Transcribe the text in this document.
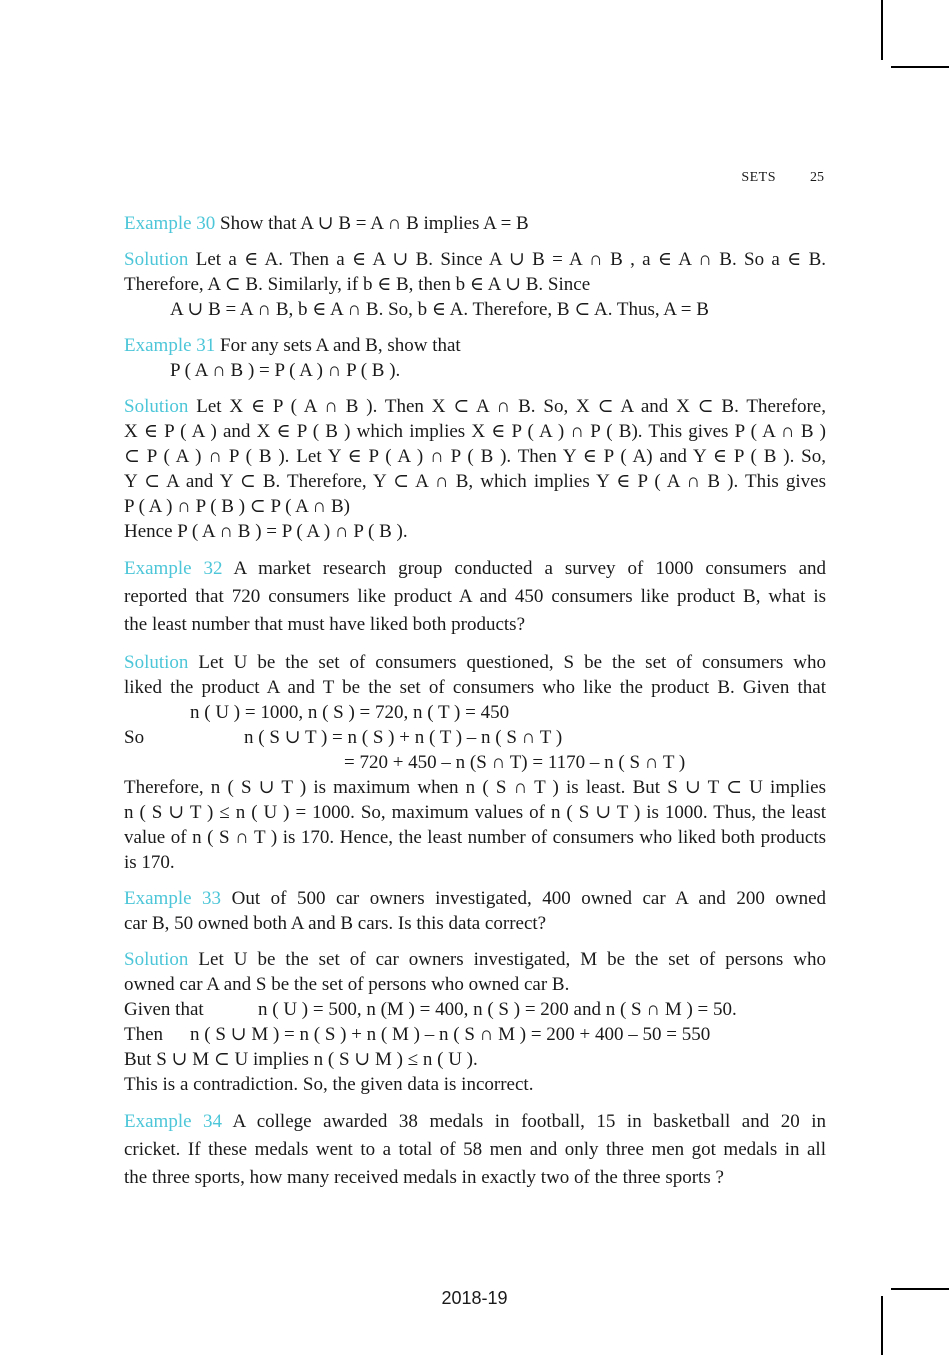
SETS 25
Example 30 Show that A ∪ B = A ∩ B implies A = B
Solution Let a ∈ A. Then a ∈ A ∪ B. Since A ∪ B = A ∩ B , a ∈ A ∩ B. So a ∈ B.
Therefore, A ⊂ B. Similarly, if b ∈ B, then b ∈ A ∪ B. Since
A ∪ B = A ∩ B, b ∈ A ∩ B. So, b ∈ A. Therefore, B ⊂ A. Thus, A = B
Example 31 For any sets A and B, show that
P ( A ∩ B ) = P ( A ) ∩ P ( B ).
Solution Let X ∈ P ( A ∩ B ). Then X ⊂ A ∩ B. So, X ⊂ A and X ⊂ B. Therefore,
X ∈ P ( A ) and X ∈ P ( B ) which implies X ∈ P ( A ) ∩ P ( B). This gives P ( A ∩ B )
⊂ P ( A ) ∩ P ( B ). Let Y ∈ P ( A ) ∩ P ( B ). Then Y ∈ P ( A) and Y ∈ P ( B ). So,
Y ⊂ A and Y ⊂ B. Therefore, Y ⊂ A ∩ B, which implies Y ∈ P ( A ∩ B ). This gives
P ( A ) ∩ P ( B ) ⊂ P ( A ∩ B)
Hence P ( A ∩ B ) = P ( A ) ∩ P ( B ).
Example 32 A market research group conducted a survey of 1000 consumers and
reported that 720 consumers like product A and 450 consumers like product B, what is
the least number that must have liked both products?
Solution Let U be the set of consumers questioned, S be the set of consumers who
liked the product A and T be the set of consumers who like the product B. Given that
n ( U ) = 1000, n ( S ) = 720, n ( T ) = 450
So	n ( S ∪ T ) = n ( S ) + n ( T ) – n ( S ∩ T )
= 720 + 450 – n (S ∩ T) = 1170 – n ( S ∩ T )
Therefore, n ( S ∪ T ) is maximum when n ( S ∩ T ) is least. But S ∪ T ⊂ U implies
n ( S ∪ T ) ≤ n ( U ) = 1000. So, maximum values of n ( S ∪ T ) is 1000. Thus, the least
value of n ( S ∩ T ) is 170. Hence, the least number of consumers who liked both products
is 170.
Example 33 Out of 500 car owners investigated, 400 owned car A and 200 owned
car B, 50 owned both A and B cars. Is this data correct?
Solution Let U be the set of car owners investigated, M be the set of persons who
owned car A and S be the set of persons who owned car B.
Given that	n ( U ) = 500, n (M ) = 400, n ( S ) = 200 and n ( S ∩ M ) = 50.
Then n ( S ∪ M ) = n ( S ) + n ( M ) – n ( S ∩ M ) = 200 + 400 – 50 = 550
But S ∪ M ⊂ U implies n ( S ∪ M ) ≤ n ( U ).
This is a contradiction. So, the given data is incorrect.
Example 34 A college awarded 38 medals in football, 15 in basketball and 20 in
cricket. If these medals went to a total of 58 men and only three men got medals in all
the three sports, how many received medals in exactly two of the three sports ?
2018-19
